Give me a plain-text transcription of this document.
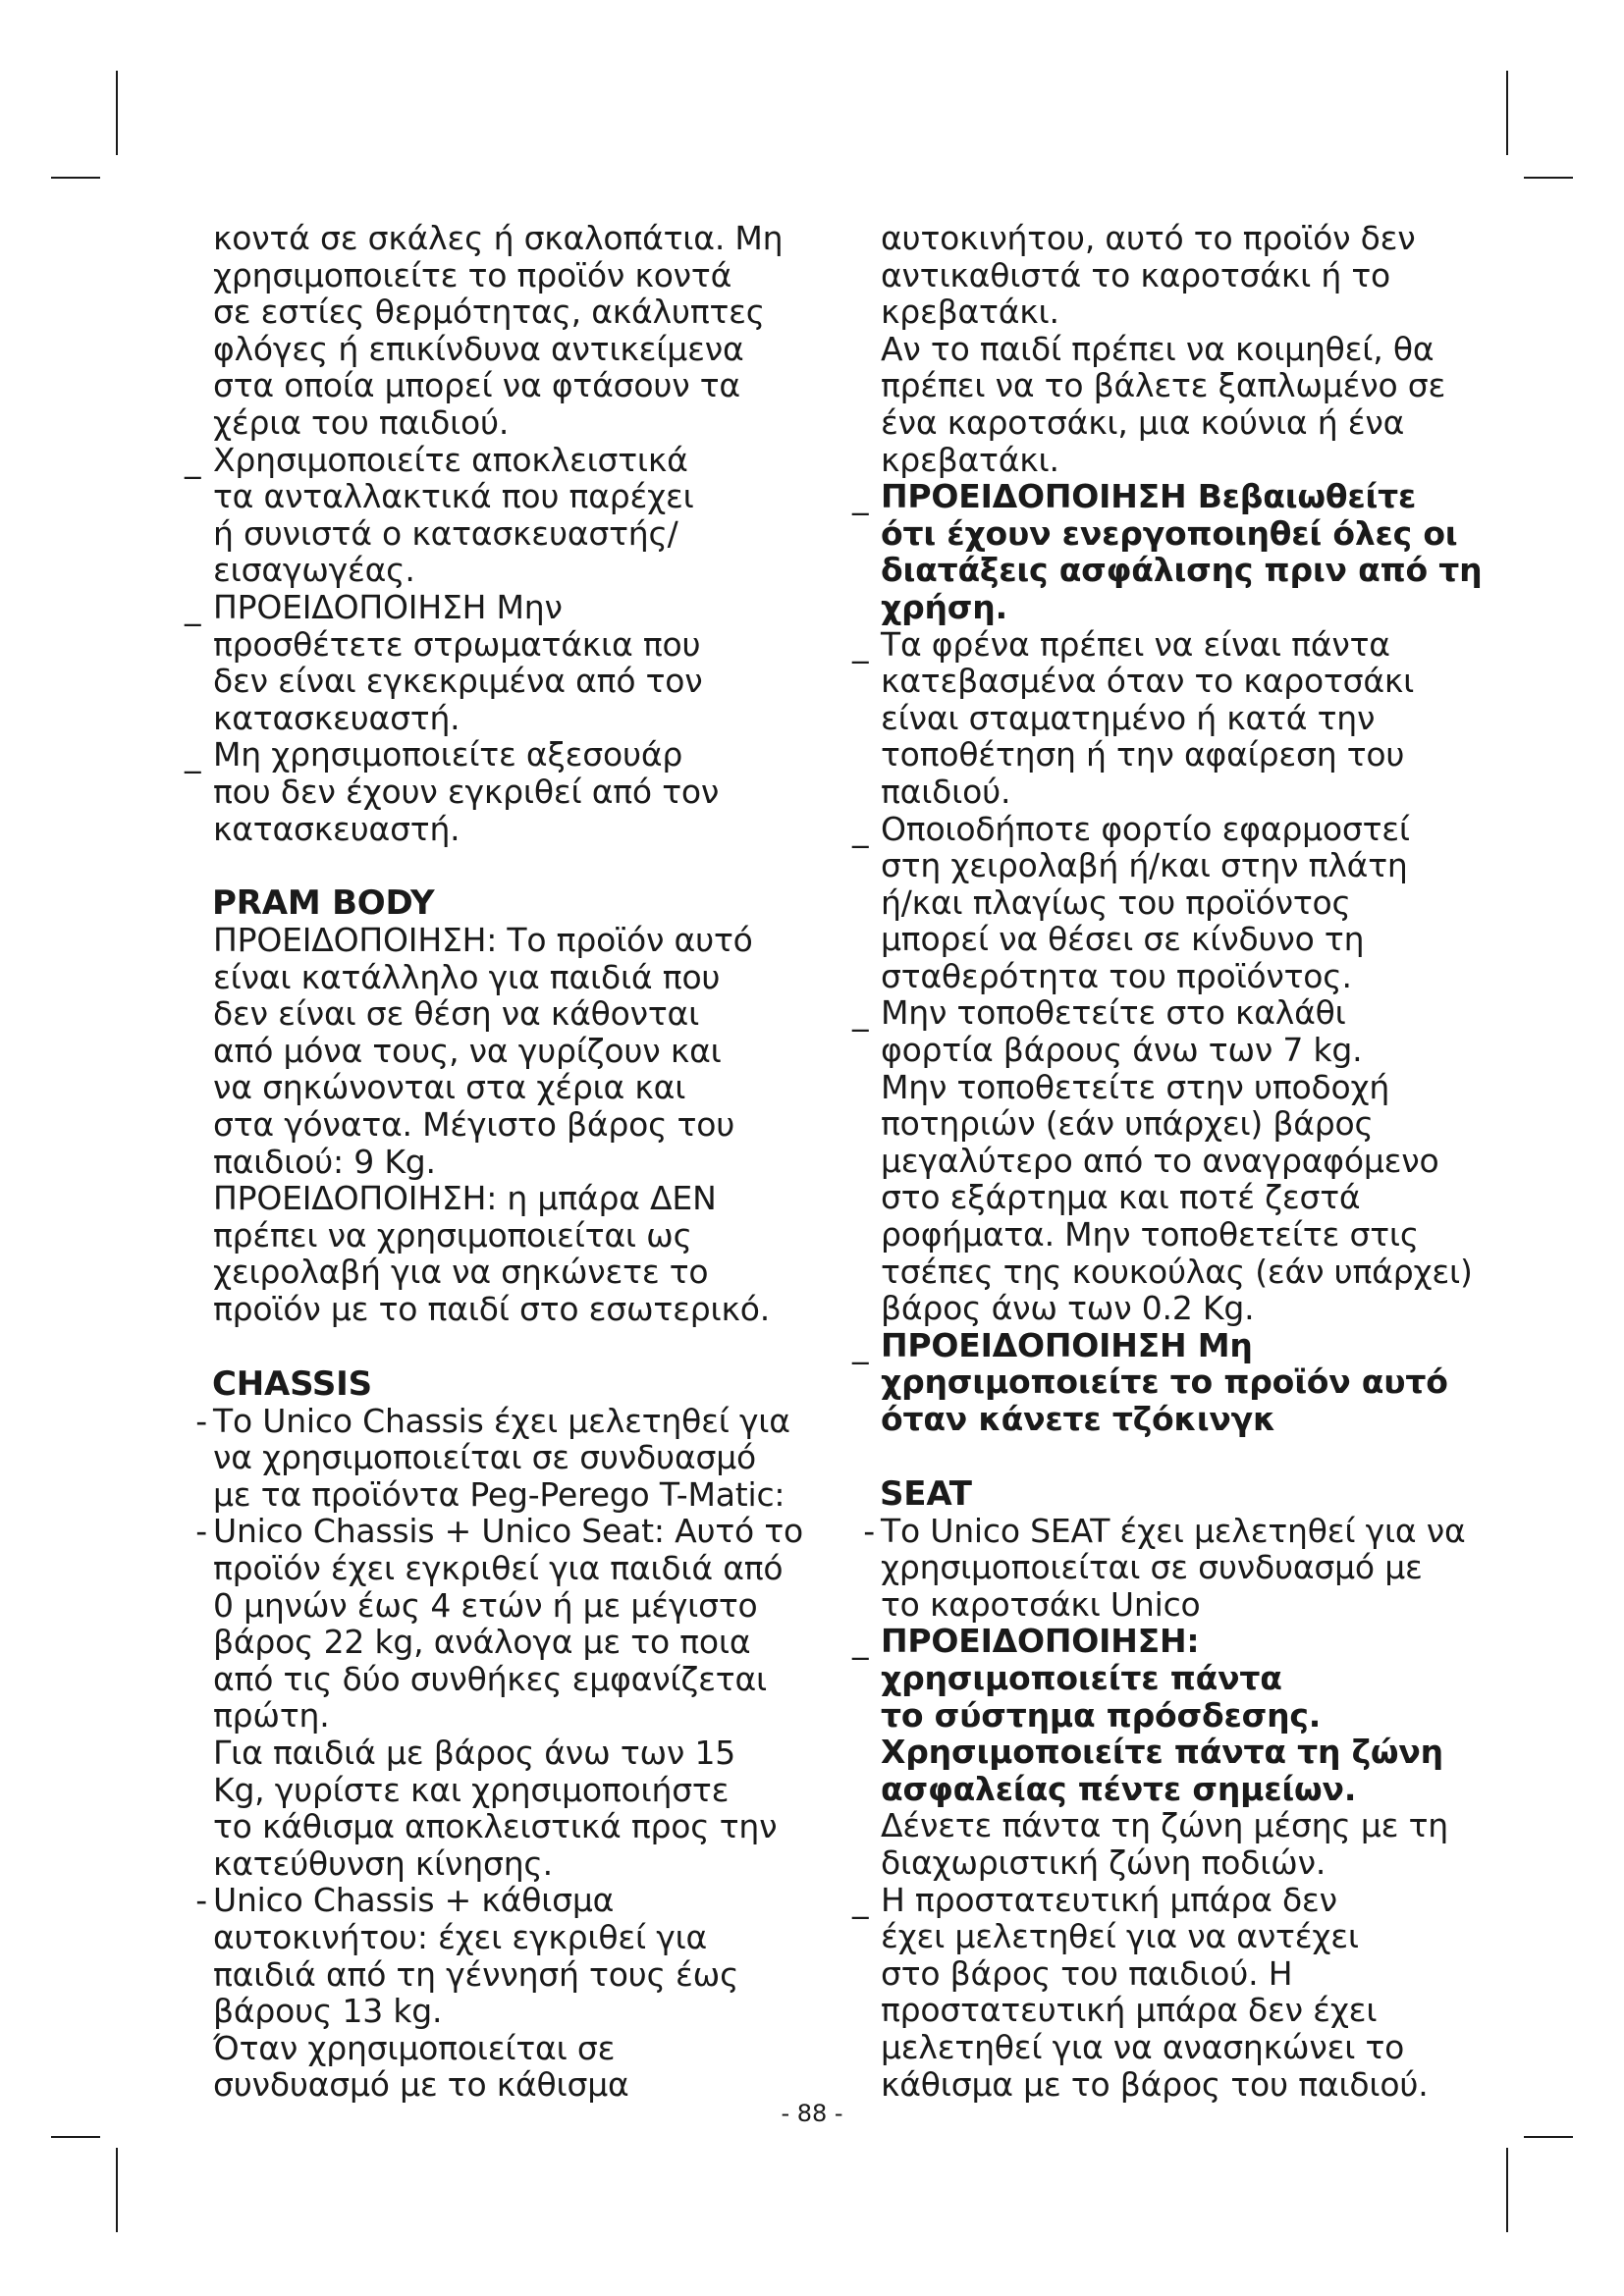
κοντά σε σκάλες ή σκαλοπάτια. Μη
χρησιμοποιείτε το προϊόν κοντά
σε εστίες θερμότητας, ακάλυπτες
φλόγες ή επικίνδυνα αντικείμενα
στα οποία μπορεί να φτάσουν τα
χέρια του παιδιού.
_ Χρησιμοποιείτε αποκλειστικά
τα ανταλλακτικά που παρέχει
ή συνιστά ο κατασκευαστής/
εισαγωγέας.
_ ΠΡΟΕΙΔΟΠΟΙΗΣΗ Μην
προσθέτετε στρωματάκια που
δεν είναι εγκεκριμένα από τον
κατασκευαστή.
_ Μη χρησιμοποιείτε αξεσουάρ
που δεν έχουν εγκριθεί από τον
κατασκευαστή.
PRAM BODY
ΠΡΟΕΙΔΟΠΟΙΗΣΗ: Το προϊόν αυτό
είναι κατάλληλο για παιδιά που
δεν είναι σε θέση να κάθονται
από μόνα τους, να γυρίζουν και
να σηκώνονται στα χέρια και
στα γόνατα. Μέγιστο βάρος του
παιδιού: 9 Kg.
ΠΡΟΕΙΔΟΠΟΙΗΣΗ: η μπάρα ΔΕΝ
πρέπει να χρησιμοποιείται ως
χειρολαβή για να σηκώνετε το
προϊόν με το παιδί στο εσωτερικό.
CHASSIS
- Το Unico Chassis έχει μελετηθεί για
να χρησιμοποιείται σε συνδυασμό
με τα προϊόντα Peg-Perego T-Matic:
- Unico Chassis + Unico Seat: Αυτό το
προϊόν έχει εγκριθεί για παιδιά από
0 μηνών έως 4 ετών ή με μέγιστο
βάρος 22 kg, ανάλογα με το ποια
από τις δύο συνθήκες εμφανίζεται
πρώτη.
Για παιδιά με βάρος άνω των 15
Kg, γυρίστε και χρησιμοποιήστε
το κάθισμα αποκλειστικά προς την
κατεύθυνση κίνησης.
- Unico Chassis + κάθισμα
αυτοκινήτου: έχει εγκριθεί για
παιδιά από τη γέννησή τους έως
βάρους 13 kg.
Όταν χρησιμοποιείται σε
συνδυασμό με το κάθισμα
αυτοκινήτου, αυτό το προϊόν δεν
αντικαθιστά το καροτσάκι ή το
κρεβατάκι.
Αν το παιδί πρέπει να κοιμηθεί, θα
πρέπει να το βάλετε ξαπλωμένο σε
ένα καροτσάκι, μια κούνια ή ένα
κρεβατάκι.
_ ΠΡΟΕΙΔΟΠΟΙΗΣΗ Βεβαιωθείτε
ότι έχουν ενεργοποιηθεί όλες οι
διατάξεις ασφάλισης πριν από τη
χρήση.
_ Τα φρένα πρέπει να είναι πάντα
κατεβασμένα όταν το καροτσάκι
είναι σταματημένο ή κατά την
τοποθέτηση ή την αφαίρεση του
παιδιού.
_ Οποιοδήποτε φορτίο εφαρμοστεί
στη χειρολαβή ή/και στην πλάτη
ή/και πλαγίως του προϊόντος
μπορεί να θέσει σε κίνδυνο τη
σταθερότητα του προϊόντος.
_ Μην τοποθετείτε στο καλάθι
φορτία βάρους άνω των 7 kg.
Μην τοποθετείτε στην υποδοχή
ποτηριών (εάν υπάρχει) βάρος
μεγαλύτερο από το αναγραφόμενο
στο εξάρτημα και ποτέ ζεστά
ροφήματα. Μην τοποθετείτε στις
τσέπες της κουκούλας (εάν υπάρχει)
βάρος άνω των 0.2 Kg.
_ ΠΡΟΕΙΔΟΠΟΙΗΣΗ Μη
χρησιμοποιείτε το προϊόν αυτό
όταν κάνετε τζόκινγκ
SEAT
- Το Unico SEAT έχει μελετηθεί για να
χρησιμοποιείται σε συνδυασμό με
το καροτσάκι Unico
_ ΠΡΟΕΙΔΟΠΟΙΗΣΗ:
χρησιμοποιείτε πάντα
το σύστημα πρόσδεσης.
Χρησιμοποιείτε πάντα τη ζώνη
ασφαλείας πέντε σημείων.
Δένετε πάντα τη ζώνη μέσης με τη
διαχωριστική ζώνη ποδιών.
_ Η προστατευτική μπάρα δεν
έχει μελετηθεί για να αντέχει
στο βάρος του παιδιού. Η
προστατευτική μπάρα δεν έχει
μελετηθεί για να ανασηκώνει το
κάθισμα με το βάρος του παιδιού.
- 88 -
